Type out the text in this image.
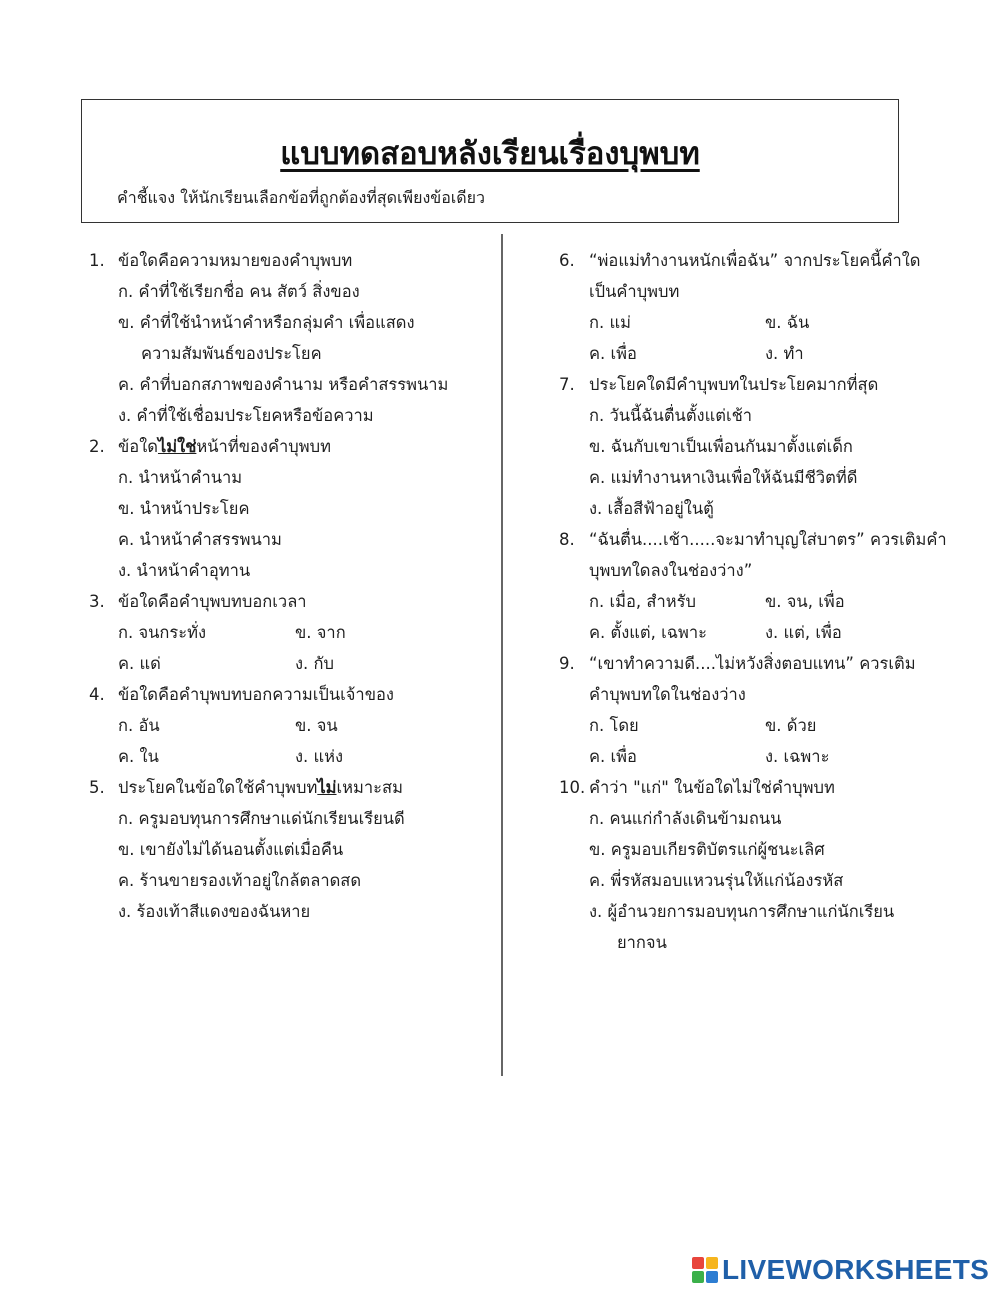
แบบทดสอบหลังเรียนเรื่องบุพบท
คำชี้แจง ให้นักเรียนเลือกข้อที่ถูกต้องที่สุดเพียงข้อเดียว
1. ข้อใดคือความหมายของคำบุพบท
ก. คำที่ใช้เรียกชื่อ คน สัตว์ สิ่งของ
ข. คำที่ใช้นำหน้าคำหรือกลุ่มคำ เพื่อแสดง
ความสัมพันธ์ของประโยค
ค. คำที่บอกสภาพของคำนาม หรือคำสรรพนาม
ง. คำที่ใช้เชื่อมประโยคหรือข้อความ
2. ข้อใดไม่ใช่หน้าที่ของคำบุพบท
ก. นำหน้าคำนาม
ข. นำหน้าประโยค
ค. นำหน้าคำสรรพนาม
ง. นำหน้าคำอุทาน
3. ข้อใดคือคำบุพบทบอกเวลา
ก. จนกระทั่ง	ข. จาก
ค. แด่	ง. กับ
4. ข้อใดคือคำบุพบทบอกความเป็นเจ้าของ
ก. อัน	ข. จน
ค. ใน	ง. แห่ง
5. ประโยคในข้อใดใช้คำบุพบทไม่เหมาะสม
ก. ครูมอบทุนการศึกษาแด่นักเรียนเรียนดี
ข. เขายังไม่ได้นอนตั้งแต่เมื่อคืน
ค. ร้านขายรองเท้าอยู่ใกล้ตลาดสด
ง. ร้องเท้าสีแดงของฉันหาย
6. “พ่อแม่ทำงานหนักเพื่อฉัน” จากประโยคนี้คำใด
เป็นคำบุพบท
ก. แม่	ข. ฉัน
ค. เพื่อ	ง. ทำ
7. ประโยคใดมีคำบุพบทในประโยคมากที่สุด
ก. วันนี้ฉันตื่นตั้งแต่เช้า
ข. ฉันกับเขาเป็นเพื่อนกันมาตั้งแต่เด็ก
ค. แม่ทำงานหาเงินเพื่อให้ฉันมีชีวิตที่ดี
ง. เสื้อสีฟ้าอยู่ในตู้
8. “ฉันตื่น....เช้า.....จะมาทำบุญใส่บาตร” ควรเติมคำ
บุพบทใดลงในช่องว่าง”
ก. เมื่อ, สำหรับ	ข. จน, เพื่อ
ค. ตั้งแต่, เฉพาะ	ง. แต่, เพื่อ
9. “เขาทำความดี....ไม่หวังสิ่งตอบแทน” ควรเติม
คำบุพบทใดในช่องว่าง
ก. โดย	ข. ด้วย
ค. เพื่อ	ง. เฉพาะ
10. คำว่า "แก่" ในข้อใดไม่ใช่คำบุพบท
ก. คนแก่กำลังเดินข้ามถนน
ข. ครูมอบเกียรติบัตรแก่ผู้ชนะเลิศ
ค. พี่รหัสมอบแหวนรุ่นให้แก่น้องรหัส
ง. ผู้อำนวยการมอบทุนการศึกษาแก่นักเรียน
ยากจน
LIVEWORKSHEETS
